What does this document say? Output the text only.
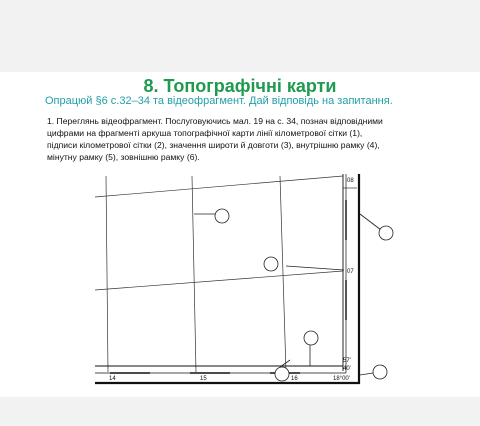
8. Топографічні карти
Опрацюй §6 с.32–34 та відеофрагмент. Дай відповідь на запитання.
1. Переглянь відеофрагмент. Послуговуючись мал. 19 на с. 34, познач відповідними
цифрами на фрагменті аркуша топографічної карти лінії кілометрової сітки (1),
підписи кілометрової сітки (2), значення широти й довготи (3), внутрішню рамку (4),
мінутну рамку (5), зовнішню рамку (6).
08
07
14	15	16
57'
40'
18°00'
